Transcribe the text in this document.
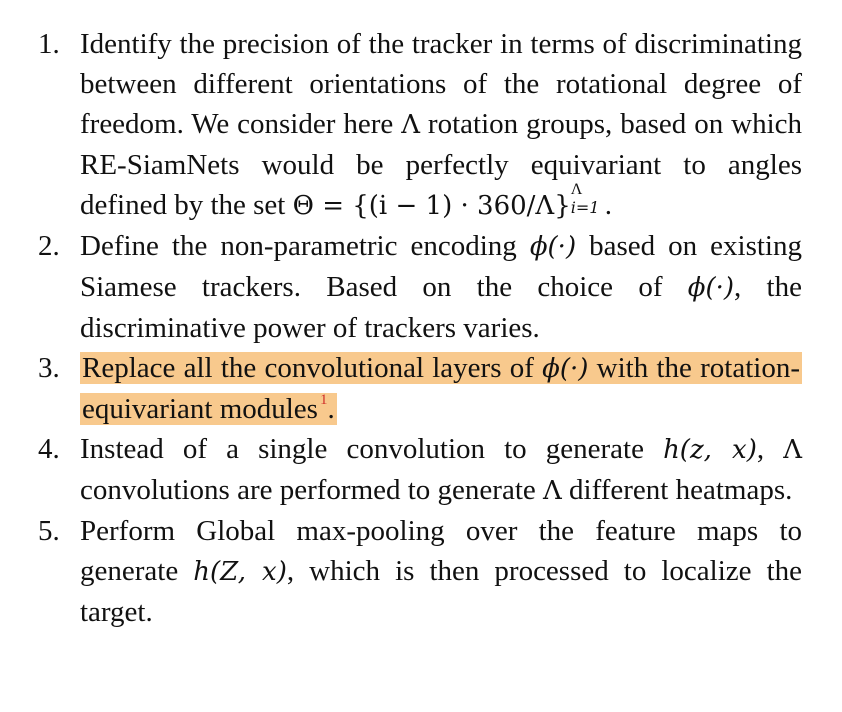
1. Identify the precision of the tracker in terms of discriminating between different orientations of the rotational degree of freedom. We consider here Λ rotation groups, based on which RE-SiamNets would be perfectly equivariant to angles defined by the set Θ = {(i − 1) · 360/Λ}
Λ
i=1 .
2. Define the non-parametric encoding ϕ(·) based on existing Siamese trackers. Based on the choice of ϕ(·), the discriminative power of trackers varies.
3. Replace all the convolutional layers of ϕ(·) with the rotation-equivariant modules $^1$.
4. Instead of a single convolution to generate h(z, x), Λ convolutions are performed to generate Λ different heatmaps.
5. Perform Global max-pooling over the feature maps to generate h(Z, x), which is then processed to localize the target.
